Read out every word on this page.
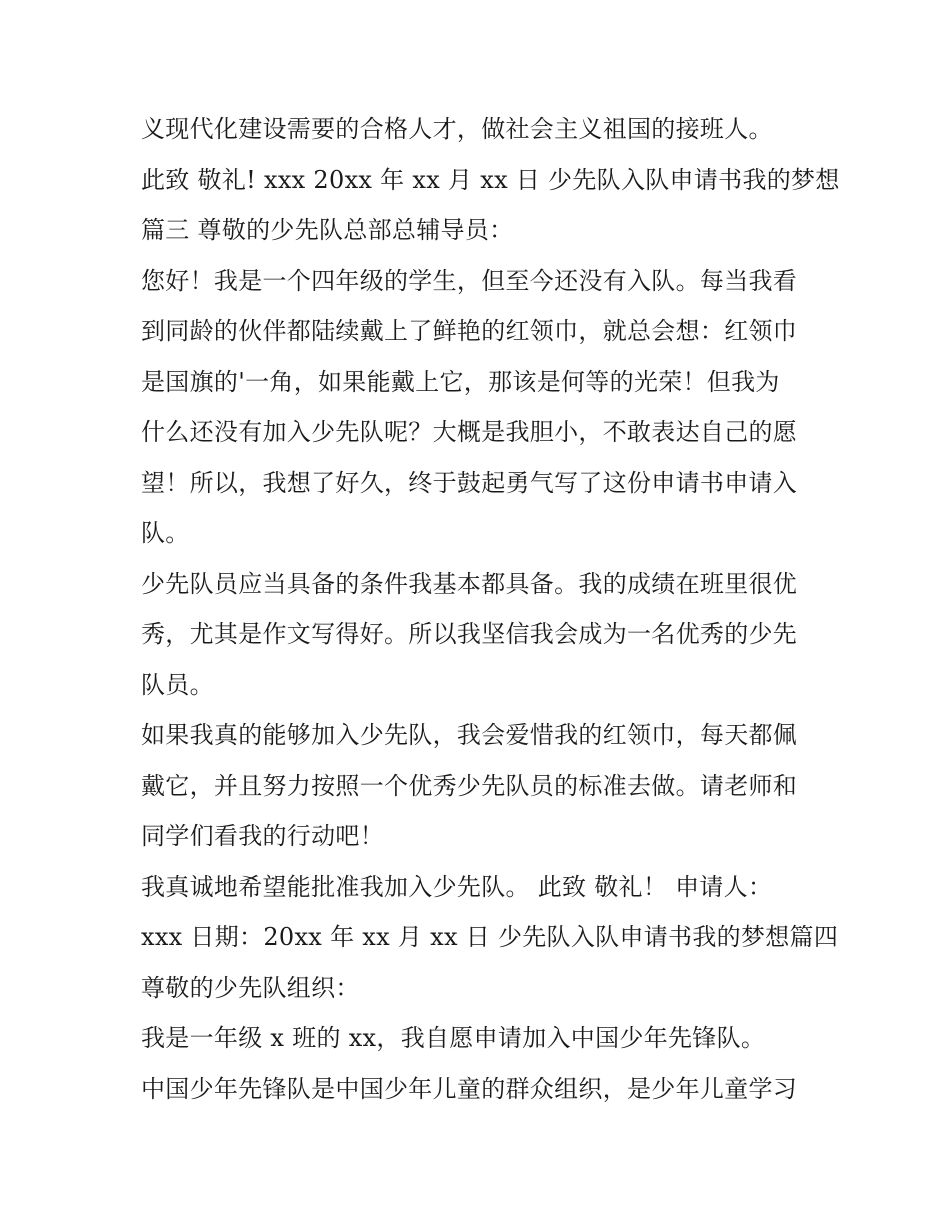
义现代化建设需要的合格人才，做社会主义祖国的接班人。
此致 敬礼! xxx 20xx 年 xx 月 xx 日 少先队入队申请书我的梦想
篇三 尊敬的少先队总部总辅导员：
您好！我是一个四年级的学生，但至今还没有入队。每当我看
到同龄的伙伴都陆续戴上了鲜艳的红领巾，就总会想：红领巾
是国旗的'一角，如果能戴上它，那该是何等的光荣！但我为
什么还没有加入少先队呢？大概是我胆小，不敢表达自己的愿
望！所以，我想了好久，终于鼓起勇气写了这份申请书申请入
队。
少先队员应当具备的条件我基本都具备。我的成绩在班里很优
秀，尤其是作文写得好。所以我坚信我会成为一名优秀的少先
队员。
如果我真的能够加入少先队，我会爱惜我的红领巾，每天都佩
戴它，并且努力按照一个优秀少先队员的标准去做。请老师和
同学们看我的行动吧！
我真诚地希望能批准我加入少先队。 此致 敬礼！ 申请人：
xxx 日期：20xx 年 xx 月 xx 日 少先队入队申请书我的梦想篇四
尊敬的少先队组织：
我是一年级 x 班的 xx，我自愿申请加入中国少年先锋队。
中国少年先锋队是中国少年儿童的群众组织，是少年儿童学习
